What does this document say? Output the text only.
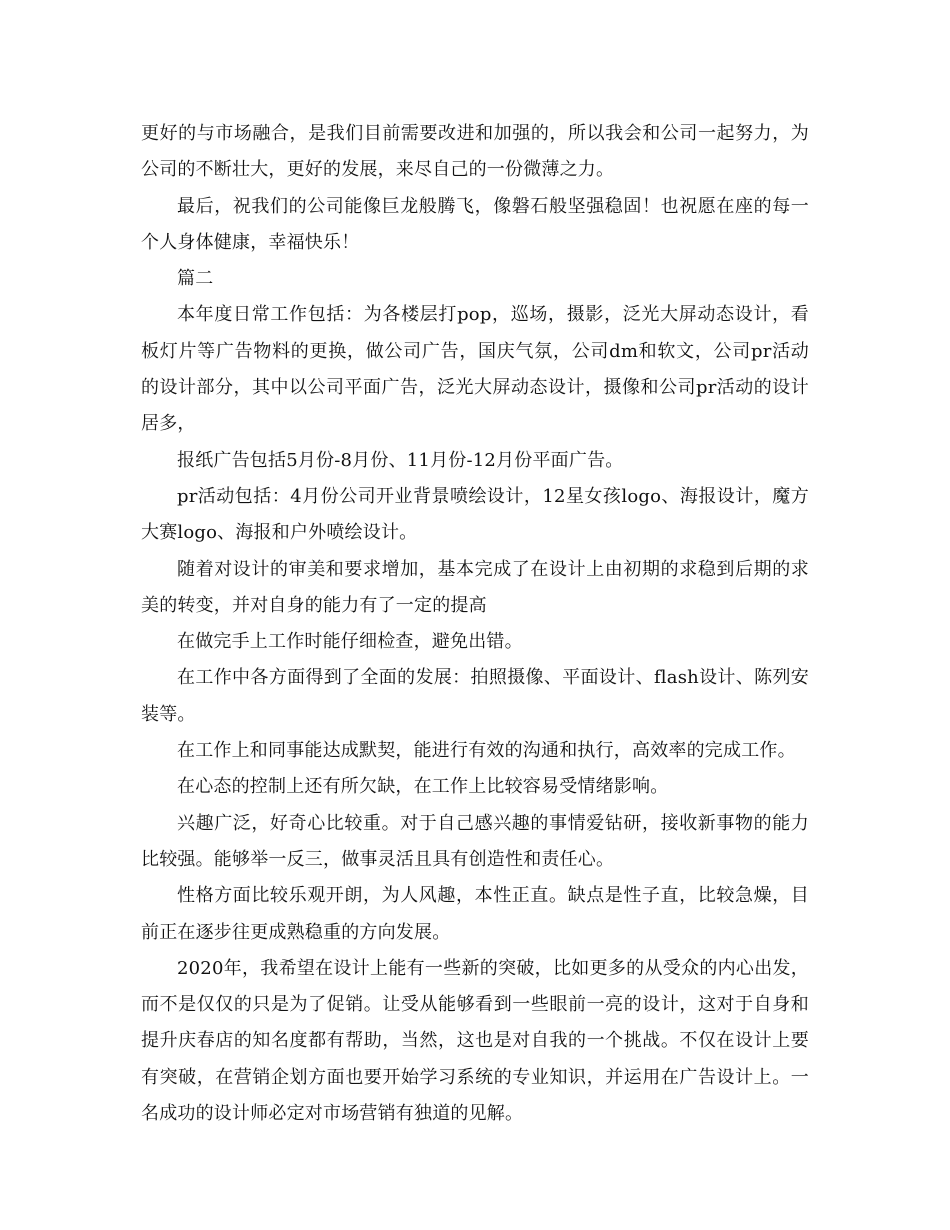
更好的与市场融合，是我们目前需要改进和加强的，所以我会和公司一起努力，为公司的不断壮大，更好的发展，来尽自己的一份微薄之力。

最后，祝我们的公司能像巨龙般腾飞，像磐石般坚强稳固！也祝愿在座的每一个人身体健康，幸福快乐！

篇二

本年度日常工作包括：为各楼层打pop，巡场，摄影，泛光大屏动态设计，看板灯片等广告物料的更换，做公司广告，国庆气氛，公司dm和软文，公司pr活动的设计部分，其中以公司平面广告，泛光大屏动态设计，摄像和公司pr活动的设计居多，

报纸广告包括5月份-8月份、11月份-12月份平面广告。

pr活动包括：4月份公司开业背景喷绘设计，12星女孩logo、海报设计，魔方大赛logo、海报和户外喷绘设计。

随着对设计的审美和要求增加，基本完成了在设计上由初期的求稳到后期的求美的转变，并对自身的能力有了一定的提高

在做完手上工作时能仔细检查，避免出错。

在工作中各方面得到了全面的发展：拍照摄像、平面设计、flash设计、陈列安装等。

在工作上和同事能达成默契，能进行有效的沟通和执行，高效率的完成工作。

在心态的控制上还有所欠缺，在工作上比较容易受情绪影响。

兴趣广泛，好奇心比较重。对于自己感兴趣的事情爱钻研，接收新事物的能力比较强。能够举一反三，做事灵活且具有创造性和责任心。

性格方面比较乐观开朗，为人风趣，本性正直。缺点是性子直，比较急燥，目前正在逐步往更成熟稳重的方向发展。

2020年，我希望在设计上能有一些新的突破，比如更多的从受众的内心出发，而不是仅仅的只是为了促销。让受从能够看到一些眼前一亮的设计，这对于自身和提升庆春店的知名度都有帮助，当然，这也是对自我的一个挑战。不仅在设计上要有突破，在营销企划方面也要开始学习系统的专业知识，并运用在广告设计上。一名成功的设计师必定对市场营销有独道的见解。
